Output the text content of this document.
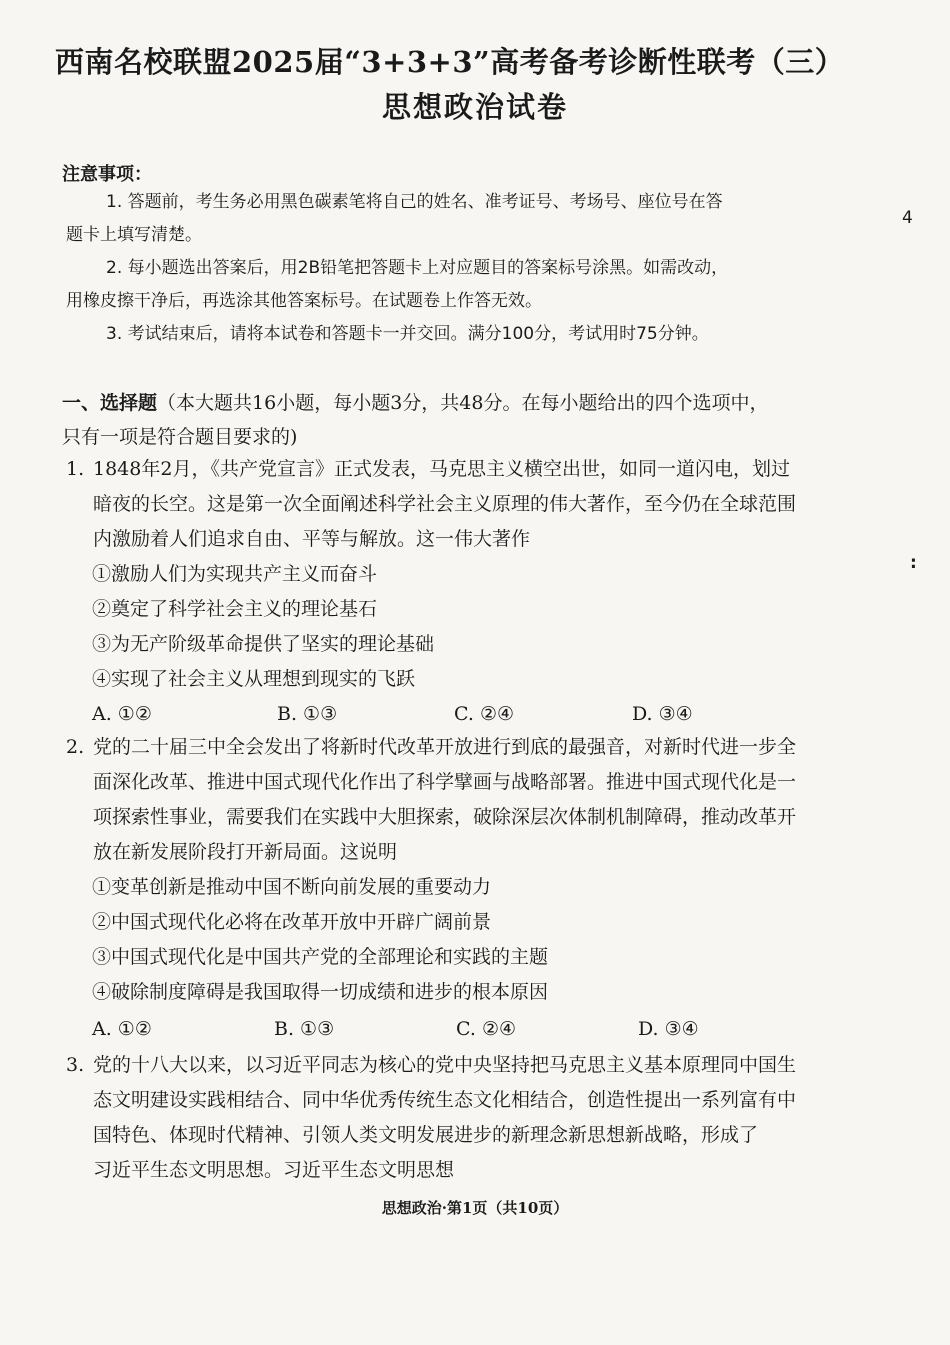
西南名校联盟2025届“3+3+3”高考备考诊断性联考（三）
思想政治试卷
注意事项：
1. 答题前，考生务必用黑色碳素笔将自己的姓名、准考证号、考场号、座位号在答
题卡上填写清楚。
2. 每小题选出答案后，用2B铅笔把答题卡上对应题目的答案标号涂黑。如需改动，
用橡皮擦干净后，再选涂其他答案标号。在试题卷上作答无效。
3. 考试结束后，请将本试卷和答题卡一并交回。满分100分，考试用时75分钟。
一、选择题（本大题共16小题，每小题3分，共48分。在每小题给出的四个选项中，
只有一项是符合题目要求的)
1. 1848年2月，《共产党宣言》正式发表，马克思主义横空出世，如同一道闪电，划过
暗夜的长空。这是第一次全面阐述科学社会主义原理的伟大著作，至今仍在全球范围
内激励着人们追求自由、平等与解放。这一伟大著作
①激励人们为实现共产主义而奋斗
②奠定了科学社会主义的理论基石
③为无产阶级革命提供了坚实的理论基础
④实现了社会主义从理想到现实的飞跃
A. ①②	B. ①③	C. ②④	D. ③④
2. 党的二十届三中全会发出了将新时代改革开放进行到底的最强音，对新时代进一步全
面深化改革、推进中国式现代化作出了科学擘画与战略部署。推进中国式现代化是一
项探索性事业，需要我们在实践中大胆探索，破除深层次体制机制障碍，推动改革开
放在新发展阶段打开新局面。这说明
①变革创新是推动中国不断向前发展的重要动力
②中国式现代化必将在改革开放中开辟广阔前景
③中国式现代化是中国共产党的全部理论和实践的主题
④破除制度障碍是我国取得一切成绩和进步的根本原因
A. ①②	B. ①③	C. ②④	D. ③④
3. 党的十八大以来，以习近平同志为核心的党中央坚持把马克思主义基本原理同中国生
态文明建设实践相结合、同中华优秀传统生态文化相结合，创造性提出一系列富有中
国特色、体现时代精神、引领人类文明发展进步的新理念新思想新战略，形成了
习近平生态文明思想。习近平生态文明思想
思想政治·第1页（共10页）
4
:
